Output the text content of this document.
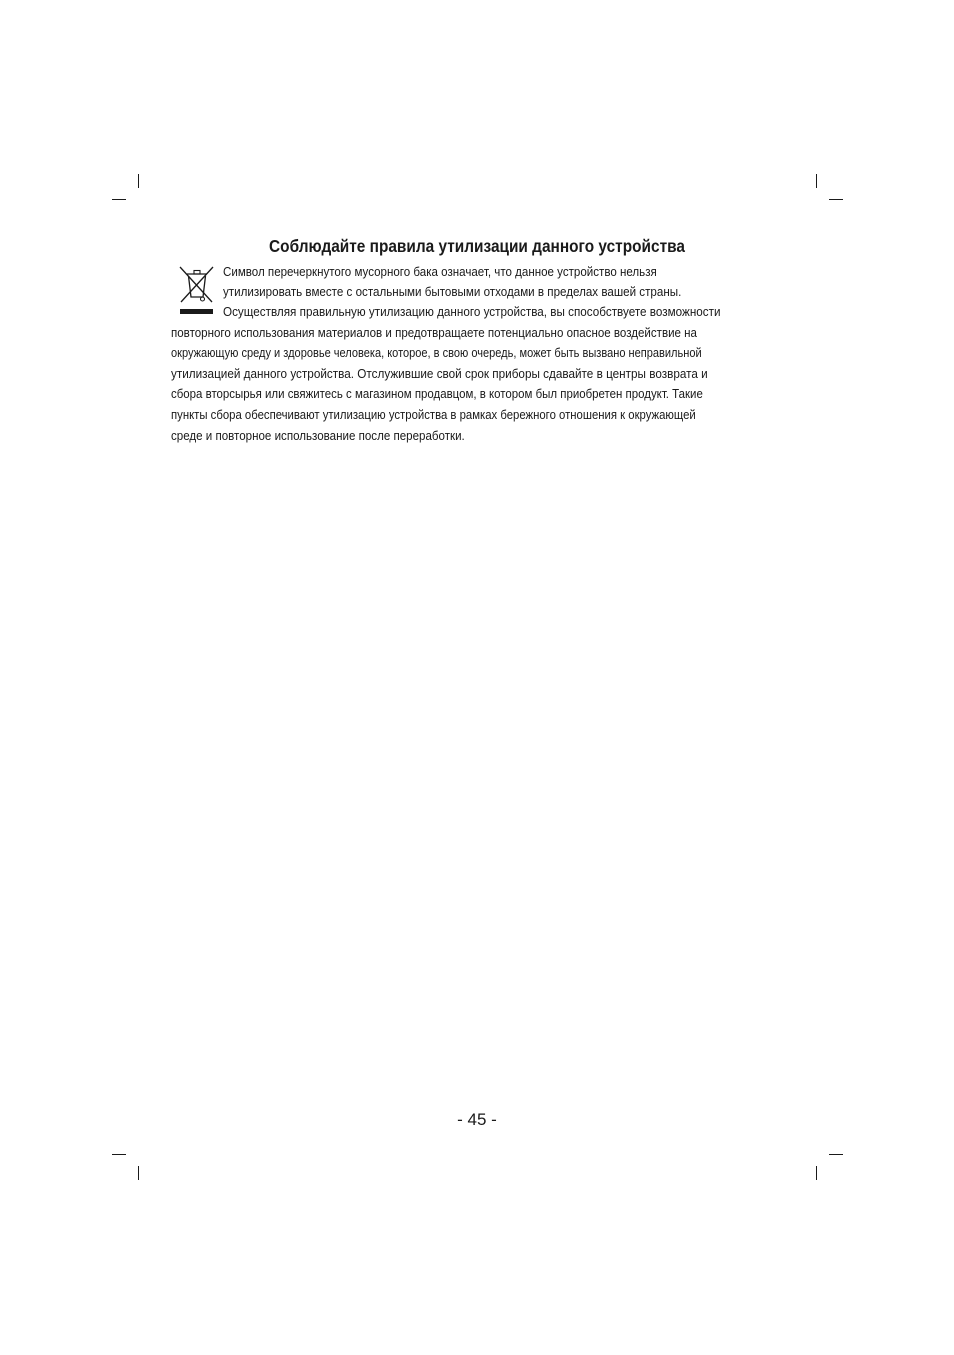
Соблюдайте правила утилизации данного устройства

Символ перечеркнутого мусорного бака означает, что данное устройство нельзя

утилизировать вместе с остальными бытовыми отходами в пределах вашей страны.

Осуществляя правильную утилизацию данного устройства, вы способствуете возможности

повторного использования материалов и предотвращаете потенциально опасное воздействие на

окружающую среду и здоровье человека, которое, в свою очередь, может быть вызвано неправильной

утилизацией данного устройства. Отслужившие свой срок приборы сдавайте в центры возврата и

сбора вторсырья или свяжитесь с магазином продавцом, в котором был приобретен продукт. Такие

пункты сбора обеспечивают утилизацию устройства в рамках бережного отношения к окружающей

среде и повторное использование после переработки.

- 45 -
